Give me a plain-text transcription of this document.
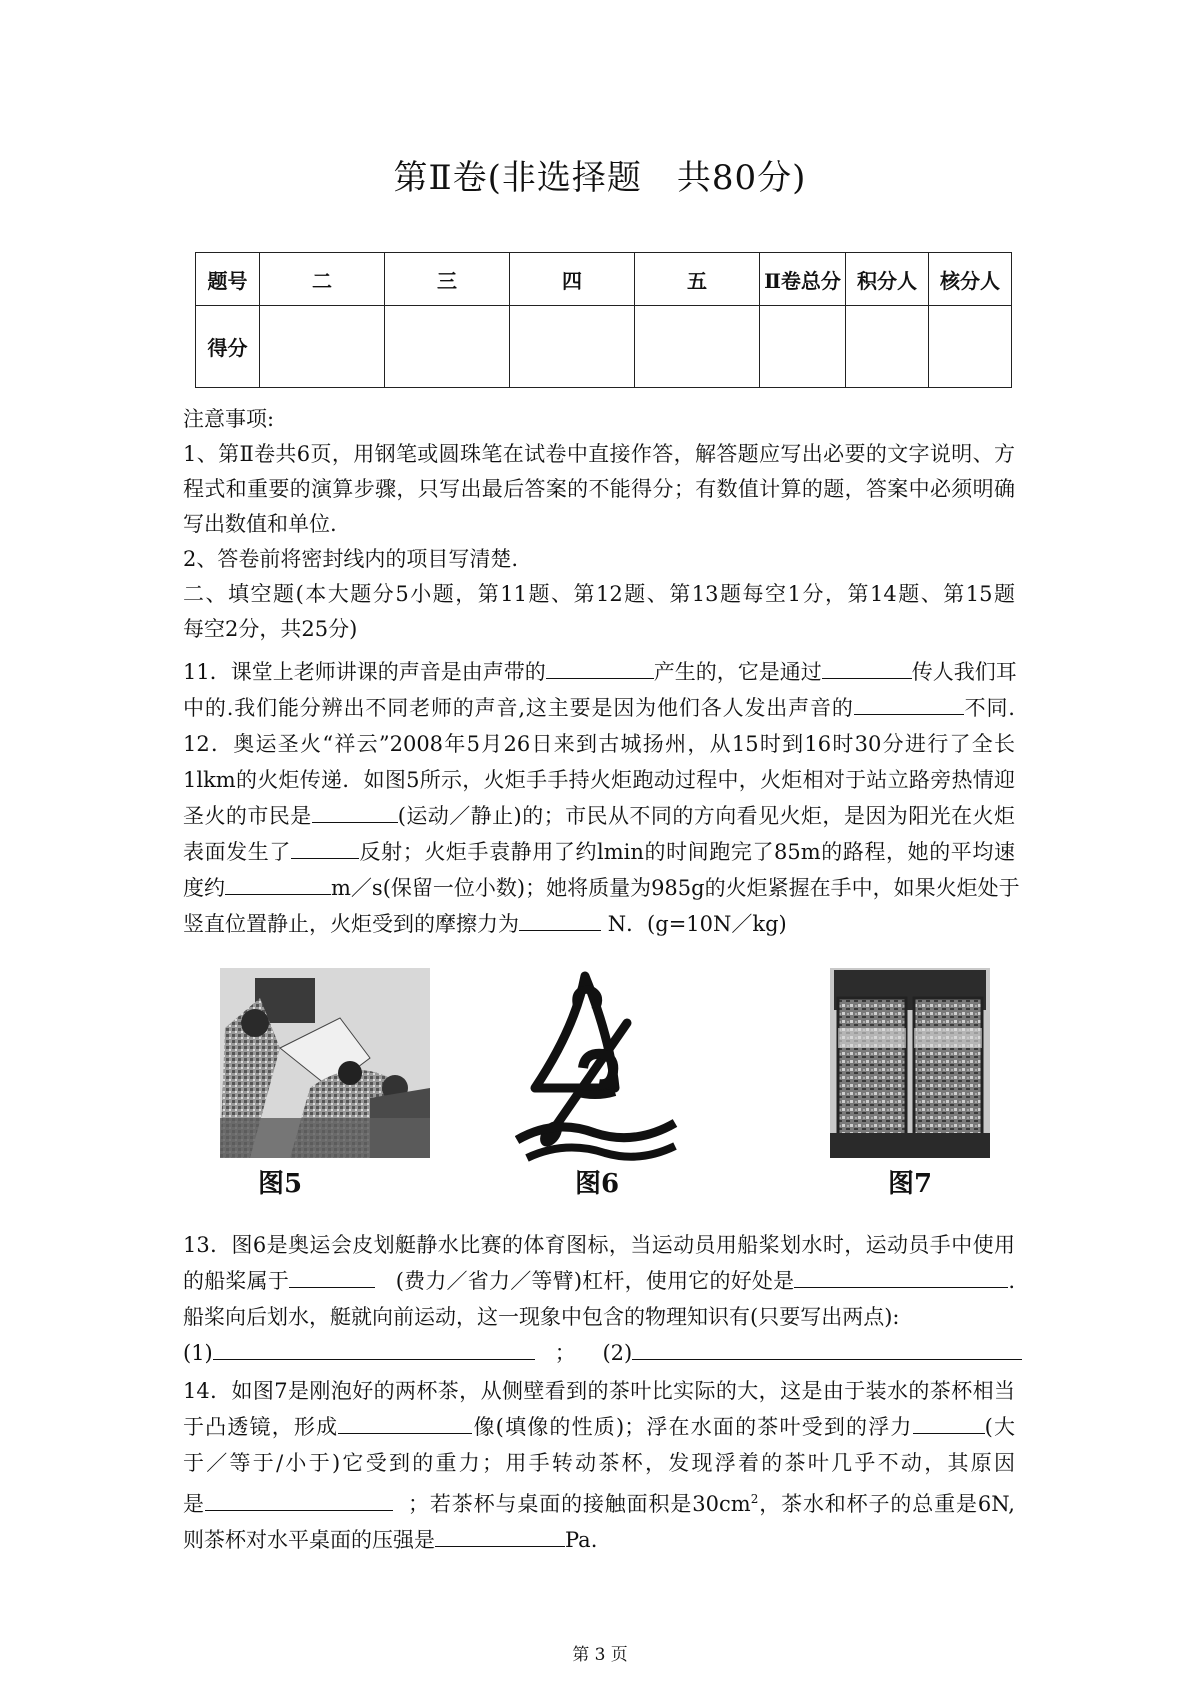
第Ⅱ卷(非选择题　共80分)
题号	二	三	四	五	Ⅱ卷总分	积分人	核分人
得分							
注意事项:
1、第Ⅱ卷共6页，用钢笔或圆珠笔在试卷中直接作答，解答题应写出必要的文字说明、方
程式和重要的演算步骤，只写出最后答案的不能得分；有数值计算的题，答案中必须明确
写出数值和单位.
2、答卷前将密封线内的项目写清楚.
二、填空题(本大题分5小题，第11题、第12题、第13题每空1分，第14题、第15题
每空2分，共25分)
11．课堂上老师讲课的声音是由声带的	产生的，它是通过	传人我们耳
中的.我们能分辨出不同老师的声音,这主要是因为他们各人发出声音的	不同.
12．奥运圣火“祥云”2008年5月26日来到古城扬州，从15时到16时30分进行了全长
1lkm的火炬传递．如图5所示，火炬手手持火炬跑动过程中，火炬相对于站立路旁热情迎
圣火的市民是	(运动／静止)的；市民从不同的方向看见火炬，是因为阳光在火炬
表面发生了	反射；火炬手袁静用了约lmin的时间跑完了85m的路程，她的平均速
度约	m／s(保留一位小数)；她将质量为985g的火炬紧握在手中，如果火炬处于
竖直位置静止，火炬受到的摩擦力为	N．(g=10N／kg)
图5	图6	图7
13．图6是奥运会皮划艇静水比赛的体育图标，当运动员用船桨划水时，运动员手中使用
的船桨属于	(费力／省力／等臂)杠杆，使用它的好处是	.
船桨向后划水，艇就向前运动，这一现象中包含的物理知识有(只要写出两点):
(1)	； (2)
14．如图7是刚泡好的两杯茶，从侧壁看到的茶叶比实际的大，这是由于装水的茶杯相当
于凸透镜，形成	像(填像的性质)；浮在水面的茶叶受到的浮力	(大
于／等于/小于)它受到的重力；用手转动茶杯，发现浮着的茶叶几乎不动，其原因
是	；若茶杯与桌面的接触面积是$30cm^2$，茶水和杯子的总重是6N,
则茶杯对水平桌面的压强是	Pa.
第 3 页
